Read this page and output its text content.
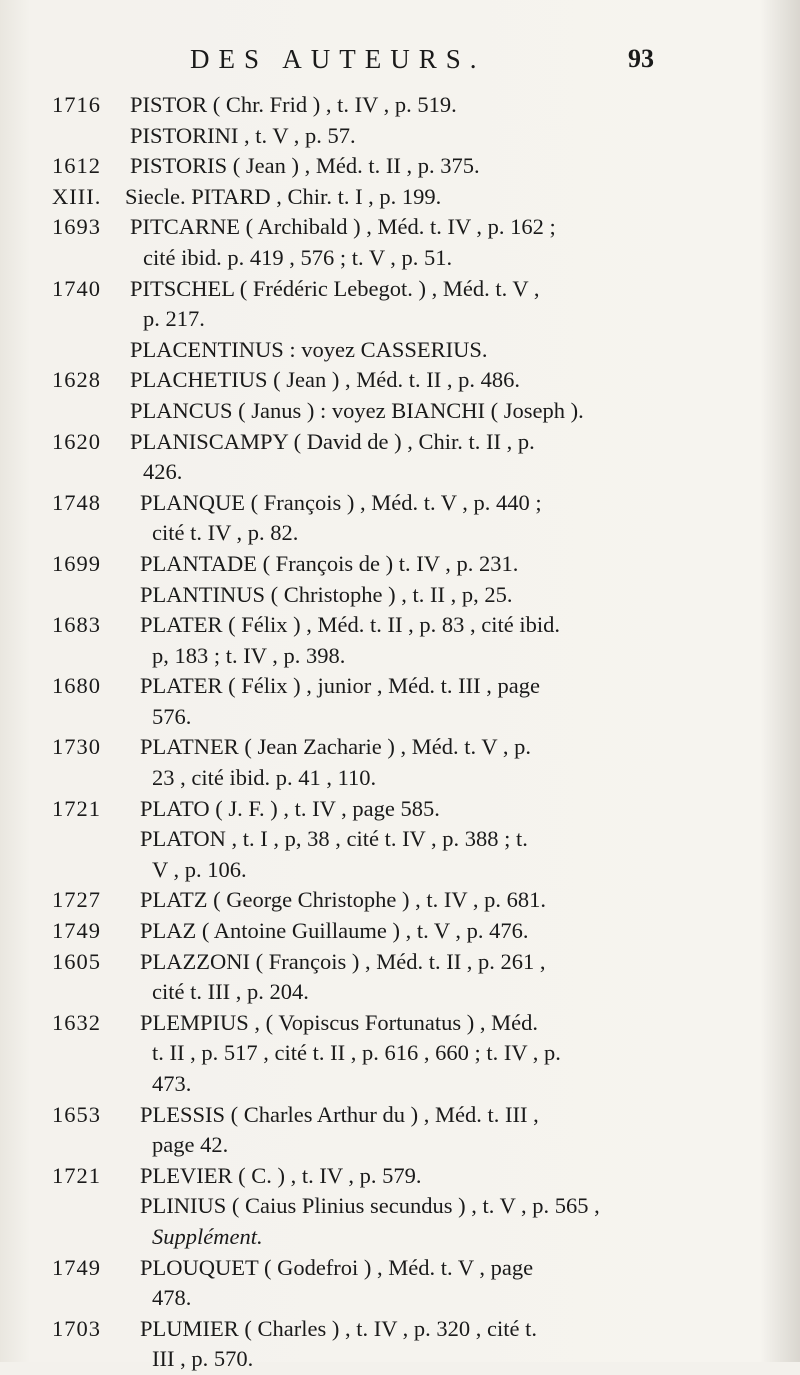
DES AUTEURS.	93
1716	PISTOR ( Chr. Frid ) , t. IV , p. 519.
PISTORINI , t. V , p. 57.
1612	PISTORIS ( Jean ) , Méd. t. II , p. 375.
XIII.	Siecle. PITARD , Chir. t. I , p. 199.
1693	PITCARNE ( Archibald ) , Méd. t. IV , p. 162 ;
cité ibid. p. 419 , 576 ; t. V , p. 51.
1740	PITSCHEL ( Frédéric Lebegot. ) , Méd. t. V ,
p. 217.
PLACENTINUS : voyez CASSERIUS.
1628	PLACHETIUS ( Jean ) , Méd. t. II , p. 486.
PLANCUS ( Janus ) : voyez BIANCHI ( Joseph ).
1620	PLANISCAMPY ( David de ) , Chir. t. II , p.
426.
1748	PLANQUE ( François ) , Méd. t. V , p. 440 ;
cité t. IV , p. 82.
1699	PLANTADE ( François de ) t. IV , p. 231.
PLANTINUS ( Christophe ) , t. II , p, 25.
1683	PLATER ( Félix ) , Méd. t. II , p. 83 , cité ibid.
p, 183 ; t. IV , p. 398.
1680	PLATER ( Félix ) , junior , Méd. t. III , page
576.
1730	PLATNER ( Jean Zacharie ) , Méd. t. V , p.
23 , cité ibid. p. 41 , 110.
1721	PLATO ( J. F. ) , t. IV , page 585.
PLATON , t. I , p, 38 , cité t. IV , p. 388 ; t.
V , p. 106.
1727	PLATZ ( George Christophe ) , t. IV , p. 681.
1749	PLAZ ( Antoine Guillaume ) , t. V , p. 476.
1605	PLAZZONI ( François ) , Méd. t. II , p. 261 ,
cité t. III , p. 204.
1632	PLEMPIUS , ( Vopiscus Fortunatus ) , Méd.
t. II , p. 517 , cité t. II , p. 616 , 660 ; t. IV , p.
473.
1653	PLESSIS ( Charles Arthur du ) , Méd. t. III ,
page 42.
1721	PLEVIER ( C. ) , t. IV , p. 579.
PLINIUS ( Caius Plinius secundus ) , t. V , p. 565 ,
Supplément.
1749	PLOUQUET ( Godefroi ) , Méd. t. V , page
478.
1703	PLUMIER ( Charles ) , t. IV , p. 320 , cité t.
III , p. 570.
